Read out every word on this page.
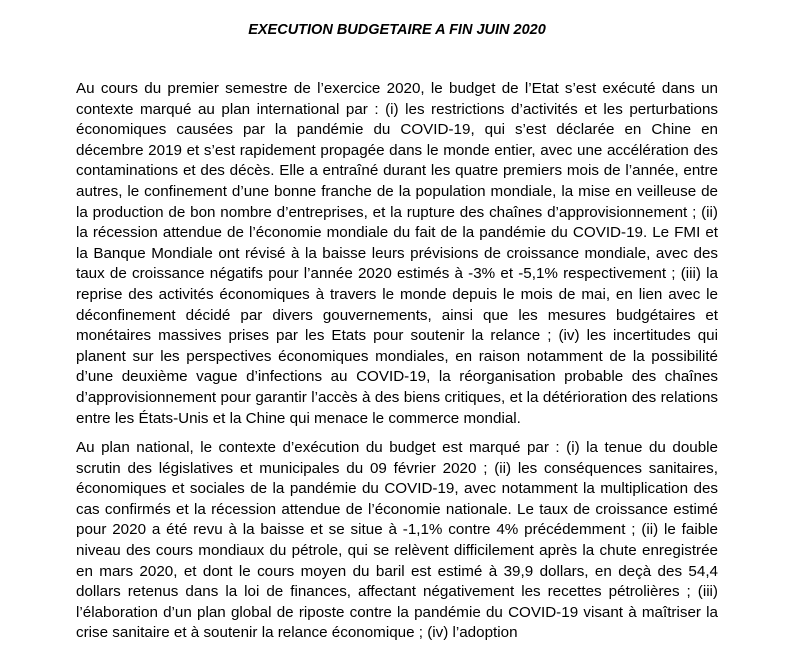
EXECUTION BUDGETAIRE A FIN JUIN 2020

Au cours du premier semestre de l’exercice 2020, le budget de l’Etat s’est exécuté dans un contexte marqué au plan international par : (i) les restrictions d’activités et les perturbations économiques causées par la pandémie du COVID-19, qui s’est déclarée en Chine en décembre 2019 et s’est rapidement propagée dans le monde entier, avec une accélération des contaminations et des décès. Elle a entraîné durant les quatre premiers mois de l’année, entre autres, le confinement d’une bonne franche de la population mondiale, la mise en veilleuse de la production de bon nombre d’entreprises, et la rupture des chaînes d’approvisionnement ; (ii) la récession attendue de l’économie mondiale du fait de la pandémie du COVID-19. Le FMI et la Banque Mondiale ont révisé à la baisse leurs prévisions de croissance mondiale, avec des taux de croissance négatifs pour l’année 2020 estimés à -3% et -5,1% respectivement ; (iii) la reprise des activités économiques à travers le monde depuis le mois de mai, en lien avec le déconfinement décidé par divers gouvernements, ainsi que les mesures budgétaires et monétaires massives prises par les Etats pour soutenir la relance ; (iv) les incertitudes qui planent sur les perspectives économiques mondiales, en raison notamment de la possibilité d’une deuxième vague d’infections au COVID-19, la réorganisation probable des chaînes d’approvisionnement pour garantir l’accès à des biens critiques, et la détérioration des relations entre les États-Unis et la Chine qui menace le commerce mondial.

Au plan national, le contexte d’exécution du budget est marqué par : (i) la tenue du double scrutin des législatives et municipales du 09 février 2020 ; (ii) les conséquences sanitaires, économiques et sociales de la pandémie du COVID-19, avec notamment la multiplication des cas confirmés et la récession attendue de l’économie nationale. Le taux de croissance estimé pour 2020 a été revu à la baisse et se situe à -1,1% contre 4% précédemment ; (ii) le faible niveau des cours mondiaux du pétrole, qui se relèvent difficilement après la chute enregistrée en mars 2020, et dont le cours moyen du baril est estimé à 39,9 dollars, en deçà des 54,4 dollars retenus dans la loi de finances, affectant négativement les recettes pétrolières ; (iii) l’élaboration d’un plan global de riposte contre la pandémie du COVID-19 visant à maîtriser la crise sanitaire et à soutenir la relance économique ; (iv) l’adoption
